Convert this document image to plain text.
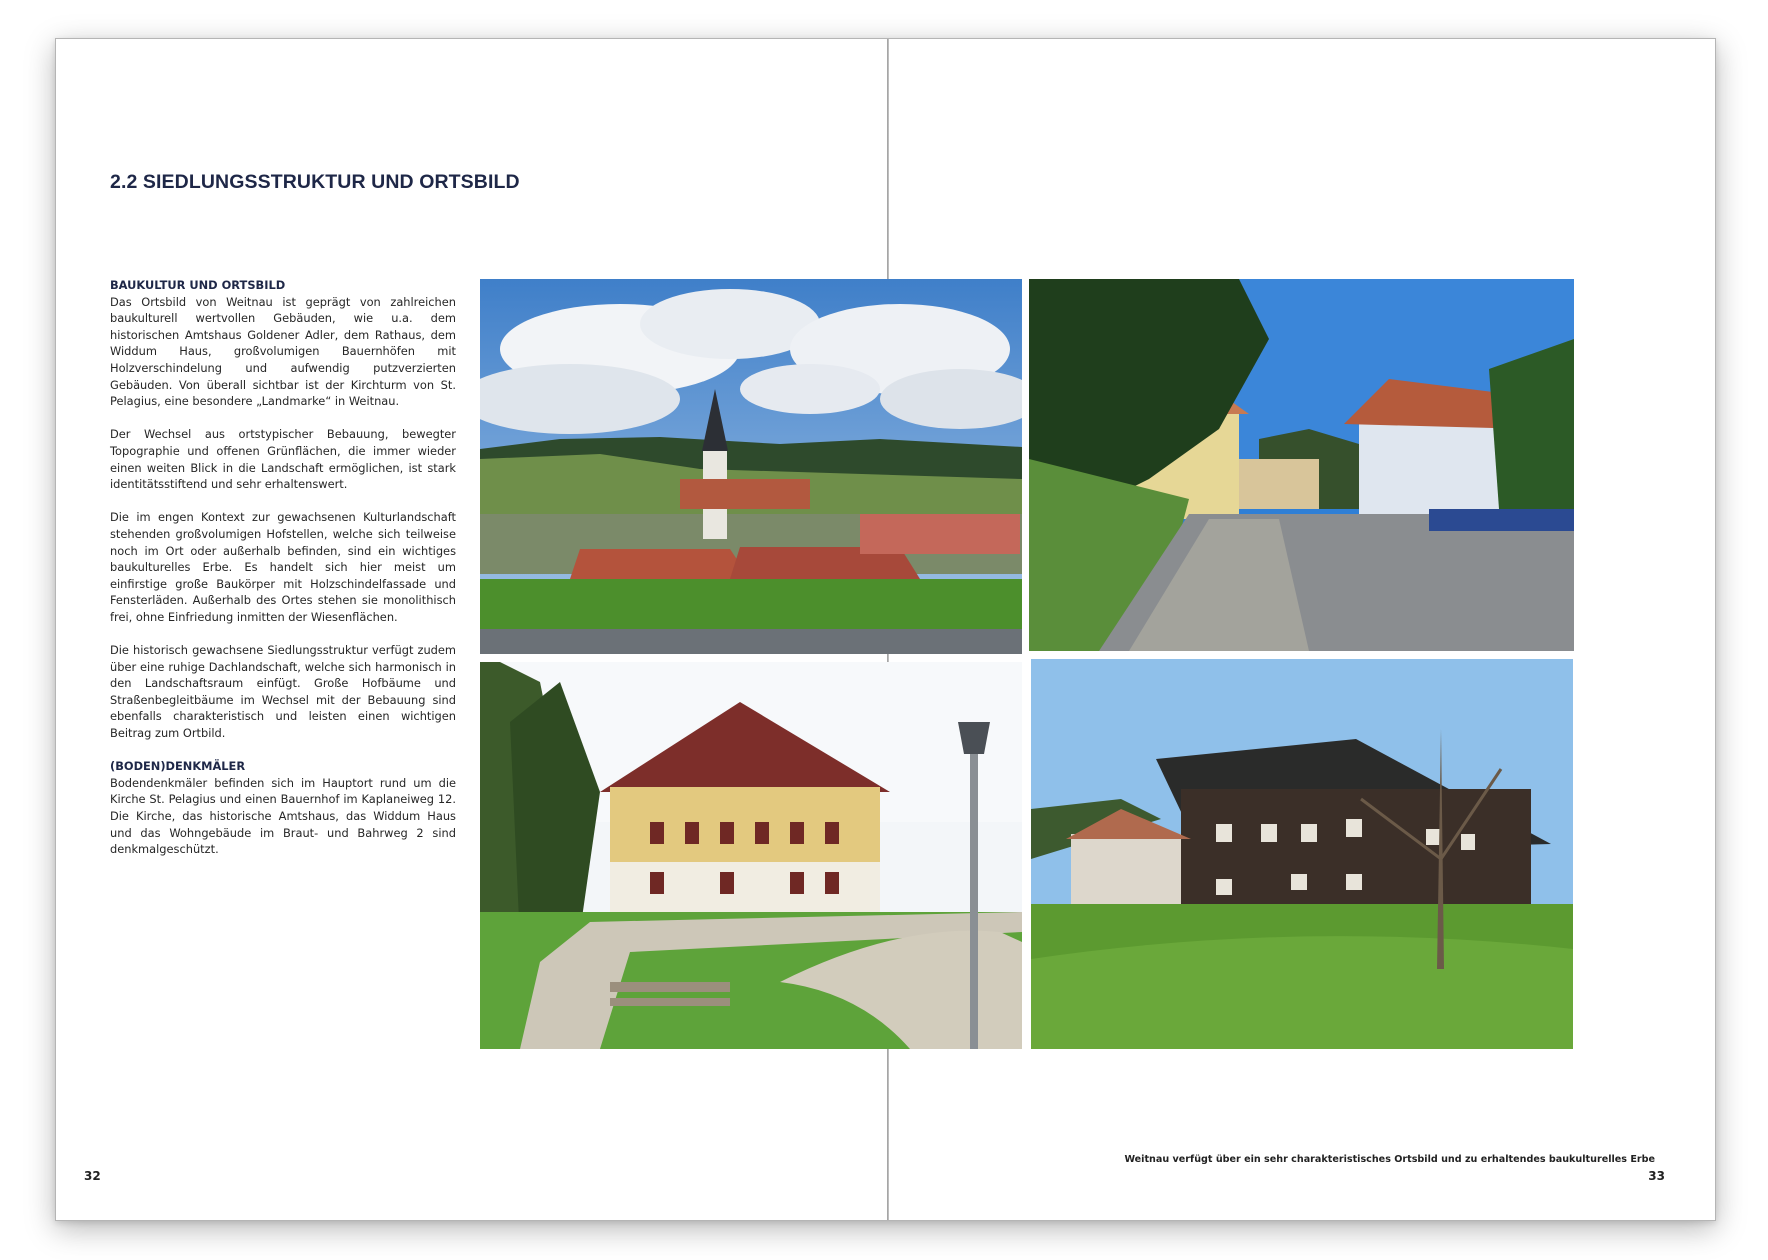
2.2 SIEDLUNGSSTRUKTUR UND ORTSBILD
BAUKULTUR UND ORTSBILD

Das Ortsbild von Weitnau ist geprägt von zahlreichen baukulturell wertvollen Gebäuden, wie u.a. dem historischen Amtshaus Goldener Adler, dem Rathaus, dem Widdum Haus, großvolumigen Bauernhöfen mit Holzverschindelung und aufwendig putzverzierten Gebäuden. Von überall sichtbar ist der Kirchturm von St. Pelagius, eine besondere „Landmarke“ in Weitnau.

Der Wechsel aus ortstypischer Bebauung, bewegter Topographie und offenen Grünflächen, die immer wieder einen weiten Blick in die Landschaft ermöglichen, ist stark identitätsstiftend und sehr erhaltenswert.

Die im engen Kontext zur gewachsenen Kulturlandschaft stehenden großvolumigen Hofstellen, welche sich teilweise noch im Ort oder außerhalb befinden, sind ein wichtiges baukulturelles Erbe. Es handelt sich hier meist um einfirstige große Baukörper mit Holzschindelfassade und Fensterläden. Außerhalb des Ortes stehen sie monolithisch frei, ohne Einfriedung inmitten der Wiesenflächen.

Die historisch gewachsene Siedlungsstruktur verfügt zudem über eine ruhige Dachlandschaft, welche sich harmonisch in den Landschaftsraum einfügt. Große Hofbäume und Straßenbegleitbäume im Wechsel mit der Bebauung sind ebenfalls charakteristisch und leisten einen wichtigen Beitrag zum Ortbild.

(BODEN)DENKMÄLER

Bodendenkmäler befinden sich im Hauptort rund um die Kirche St. Pelagius und einen Bauernhof im Kaplaneiweg 12. Die Kirche, das historische Amtshaus, das Widdum Haus und das Wohngebäude im Braut- und Bahrweg 2 sind denkmalgeschützt.

Weitnau verfügt über ein sehr charakteristisches Ortsbild und zu erhaltendes baukulturelles Erbe

32	33
